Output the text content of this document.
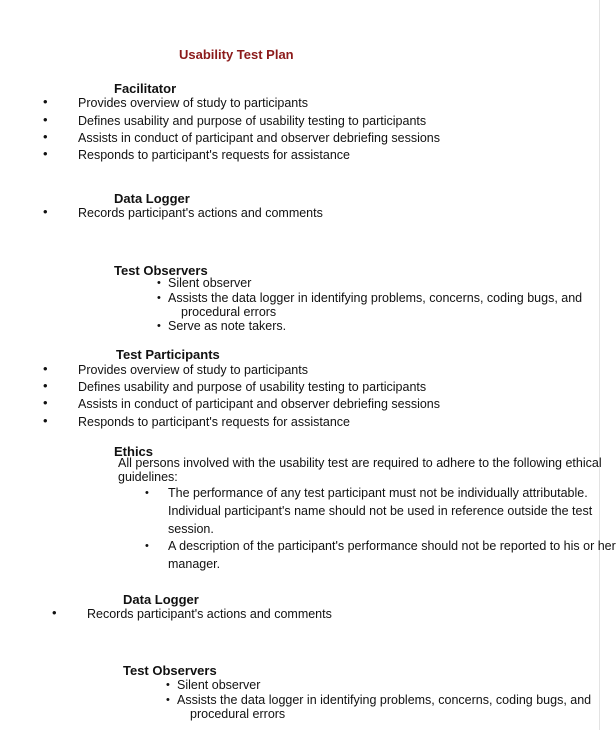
Usability Test Plan
Facilitator
• Provides overview of study to participants
• Defines usability and purpose of usability testing to participants
• Assists in conduct of participant and observer debriefing sessions
• Responds to participant's requests for assistance
Data Logger
• Records participant's actions and comments
Test Observers
• Silent observer
• Assists the data logger in identifying problems, concerns, coding bugs, and
procedural errors
• Serve as note takers.
Test Participants
• Provides overview of study to participants
• Defines usability and purpose of usability testing to participants
• Assists in conduct of participant and observer debriefing sessions
• Responds to participant's requests for assistance
Ethics
All persons involved with the usability test are required to adhere to the following ethical
guidelines:
• The performance of any test participant must not be individually attributable.
Individual participant's name should not be used in reference outside the test
session.
• A description of the participant's performance should not be reported to his or her
manager.
Data Logger
• Records participant's actions and comments
Test Observers
• Silent observer
• Assists the data logger in identifying problems, concerns, coding bugs, and
procedural errors
